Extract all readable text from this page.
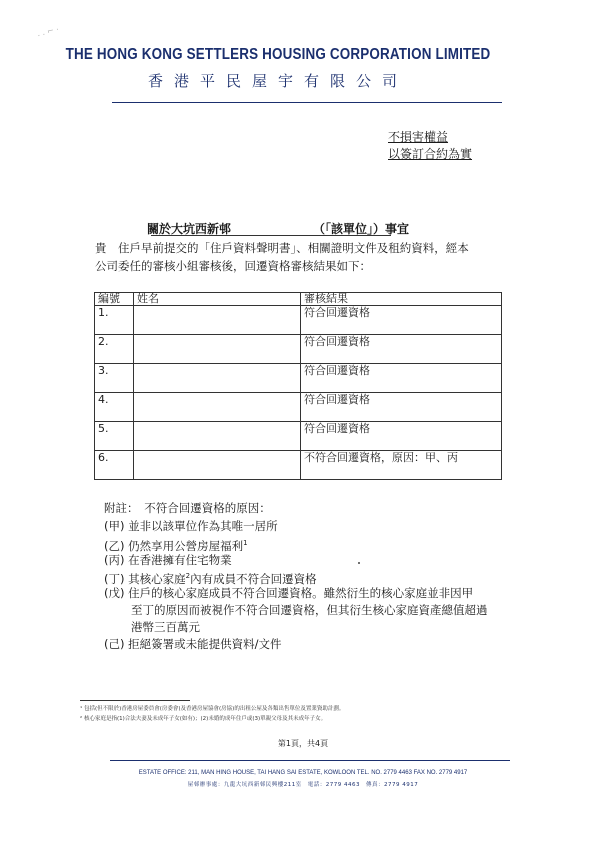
. . ⌐ ·
THE HONG KONG SETTLERS HOUSING CORPORATION LIMITED
香港平民屋宇有限公司
不損害權益
以簽訂合約為實
關於大坑西新邨	（「該單位」）事宜
貴　住戶早前提交的「住戶資料聲明書」、相關證明文件及租約資料，經本
公司委任的審核小組審核後，回遷資格審核結果如下：
編號	姓名	審核結果
1.		符合回遷資格
2.		符合回遷資格
3.		符合回遷資格
4.		符合回遷資格
5.		符合回遷資格
6.		不符合回遷資格，原因：甲、丙
附註：　不符合回遷資格的原因：
(甲) 並非以該單位作為其唯一居所
(乙) 仍然享用公營房屋福利$^1$
(丙) 在香港擁有住宅物業
(丁) 其核心家庭$^2$內有成員不符合回遷資格
(戊) 住戶的核心家庭成員不符合回遷資格。雖然衍生的核心家庭並非因甲
至丁的原因而被視作不符合回遷資格，但其衍生核心家庭資產總值超過
港幣三百萬元
(己) 拒絕簽署或未能提供資料/文件
¹ 包括(但不限於)香港房屋委員會(房委會)及香港房屋協會(房協)的出租公屋及各類出售單位及置業資助計劃。
² 核心家庭是指(1)合法夫妻及未成年子女(如有)；(2)未婚的成年住戶或(3)單親父母及其未成年子女。
第1頁，共4頁
ESTATE OFFICE: 211, MAN HING HOUSE, TAI HANG SAI ESTATE, KOWLOON TEL. NO. 2779 4463 FAX NO. 2779 4917
屋邨辦事處：九龍大坑西新邨民興樓211室　電話：2779 4463　傳真：2779 4917
